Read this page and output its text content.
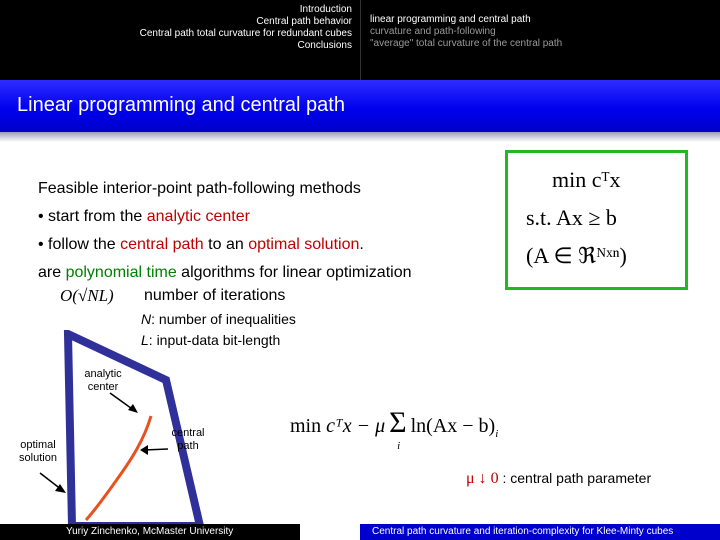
Introduction
Central path behavior
Central path total curvature for redundant cubes
Conclusions
linear programming and central path
curvature and path-following
"average" total curvature of the central path
Linear programming and central path
Feasible interior-point path-following methods
• start from the analytic center
• follow the central path to an optimal solution.
are polynomial time algorithms for linear optimization
O(√NL) number of iterations
N: number of inequalities
L: input-data bit-length
min cᵀx
s.t. Ax ≥ b
(A ∈ ℜᴺˣⁿ)
analytic center
central path
optimal solution
min cᵀx − μ Σ
i
$\ln(Ax - b)_i$
μ ↓ 0 : central path parameter
Yuriy Zinchenko, McMaster University	Central path curvature and iteration-complexity for Klee-Minty cubes
